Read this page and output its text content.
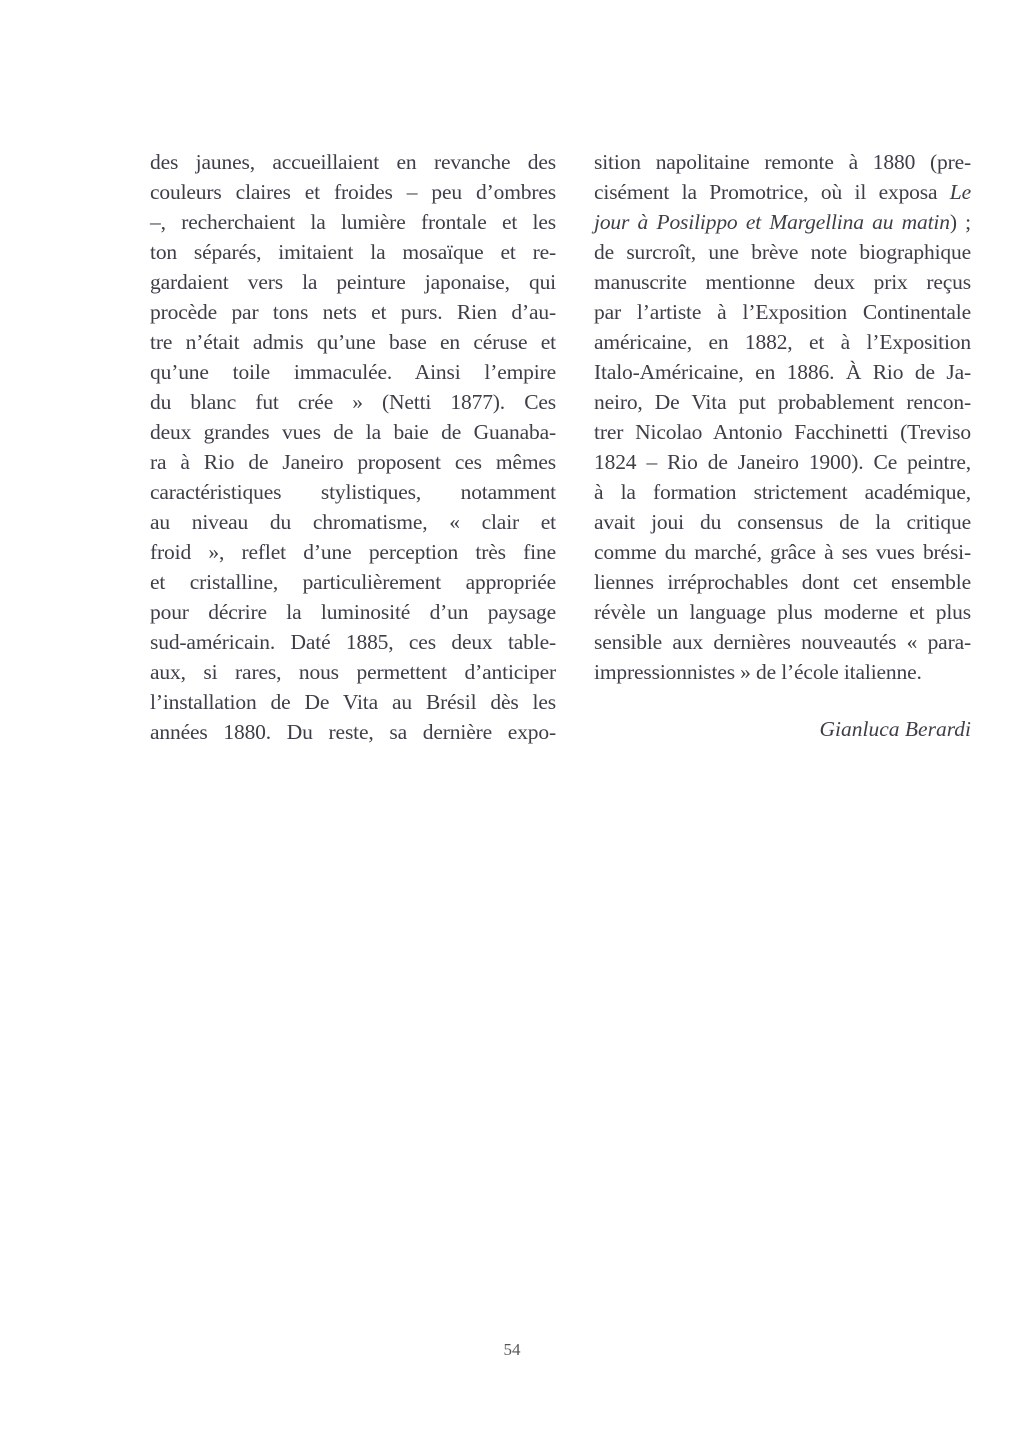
des jaunes, accueillaient en revanche des
couleurs claires et froides – peu d’ombres
–, recherchaient la lumière frontale et les
ton séparés, imitaient la mosaïque et re-
gardaient vers la peinture japonaise, qui
procède par tons nets et purs. Rien d’au-
tre n’était admis qu’une base en céruse et
qu’une toile immaculée. Ainsi l’empire
du blanc fut crée » (Netti 1877). Ces
deux grandes vues de la baie de Guanaba-
ra à Rio de Janeiro proposent ces mêmes
caractéristiques stylistiques, notamment
au niveau du chromatisme, « clair et
froid », reflet d’une perception très fine
et cristalline, particulièrement appropriée
pour décrire la luminosité d’un paysage
sud-américain. Daté 1885, ces deux table-
aux, si rares, nous permettent d’anticiper
l’installation de De Vita au Brésil dès les
années 1880. Du reste, sa dernière expo-
sition napolitaine remonte à 1880 (pre-
cisément la Promotrice, où il exposa Le
jour à Posilippo et Margellina au matin) ;
de surcroît, une brève note biographique
manuscrite mentionne deux prix reçus
par l’artiste à l’Exposition Continentale
américaine, en 1882, et à l’Exposition
Italo-Américaine, en 1886. À Rio de Ja-
neiro, De Vita put probablement rencon-
trer Nicolao Antonio Facchinetti (Treviso
1824 – Rio de Janeiro 1900). Ce peintre,
à la formation strictement académique,
avait joui du consensus de la critique
comme du marché, grâce à ses vues brési-
liennes irréprochables dont cet ensemble
révèle un language plus moderne et plus
sensible aux dernières nouveautés « para-
impressionnistes » de l’école italienne.
Gianluca Berardi
54
